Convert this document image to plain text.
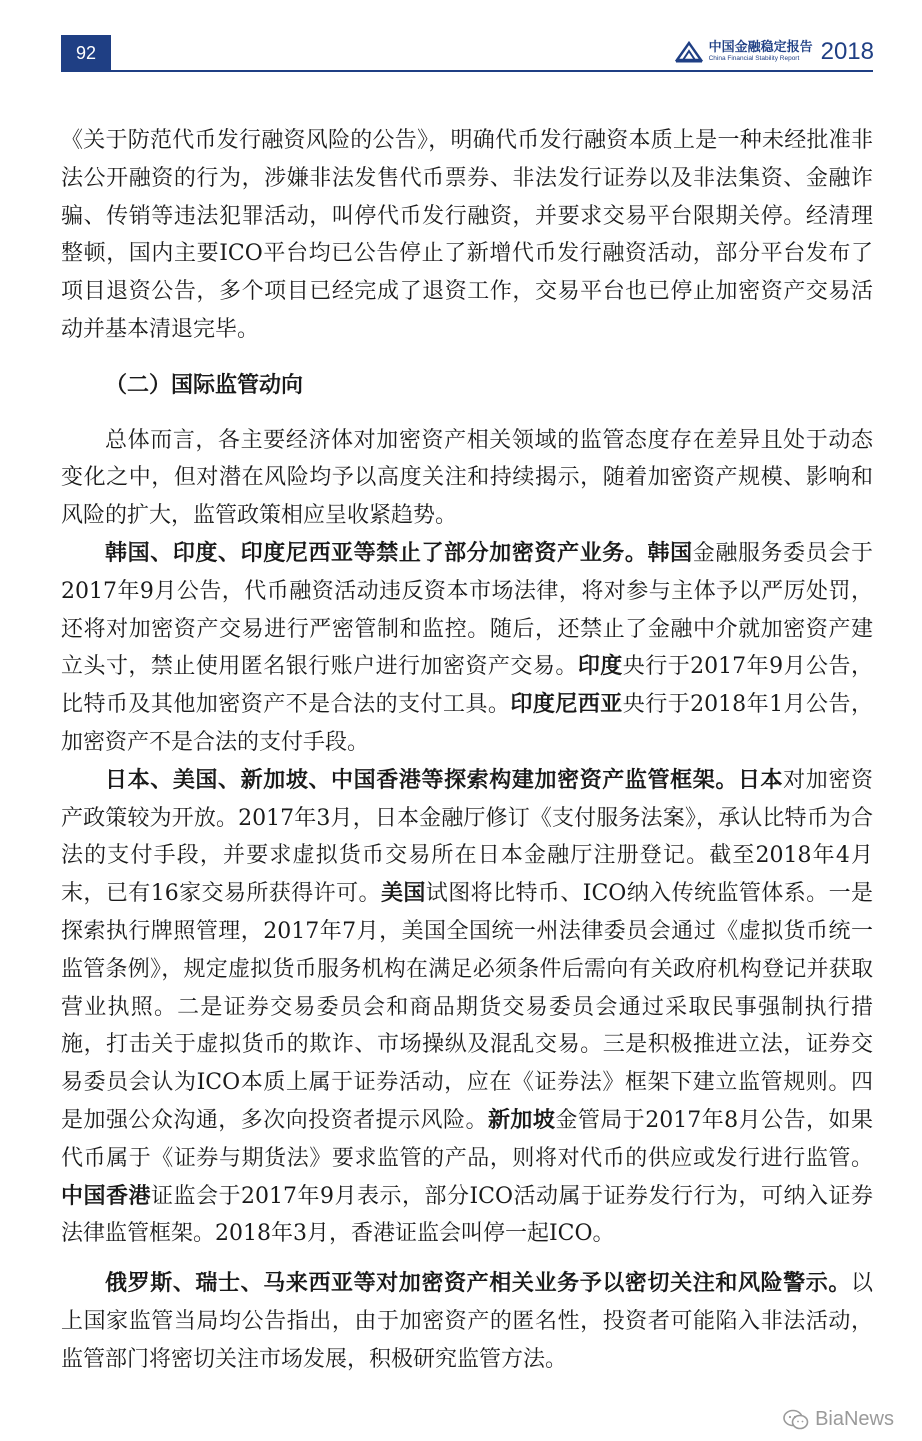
92	中国金融稳定报告
China Financial Stability Report 2018

《关于防范代币发行融资风险的公告》，明确代币发行融资本质上是一种未经批准非法公开融资的行为，涉嫌非法发售代币票券、非法发行证券以及非法集资、金融诈骗、传销等违法犯罪活动，叫停代币发行融资，并要求交易平台限期关停。经清理整顿，国内主要ICO平台均已公告停止了新增代币发行融资活动，部分平台发布了项目退资公告，多个项目已经完成了退资工作，交易平台也已停止加密资产交易活动并基本清退完毕。

（二）国际监管动向

总体而言，各主要经济体对加密资产相关领域的监管态度存在差异且处于动态变化之中，但对潜在风险均予以高度关注和持续揭示，随着加密资产规模、影响和风险的扩大，监管政策相应呈收紧趋势。

韩国、印度、印度尼西亚等禁止了部分加密资产业务。韩国金融服务委员会于2017年9月公告，代币融资活动违反资本市场法律，将对参与主体予以严厉处罚，还将对加密资产交易进行严密管制和监控。随后，还禁止了金融中介就加密资产建立头寸，禁止使用匿名银行账户进行加密资产交易。印度央行于2017年9月公告，比特币及其他加密资产不是合法的支付工具。印度尼西亚央行于2018年1月公告，加密资产不是合法的支付手段。

日本、美国、新加坡、中国香港等探索构建加密资产监管框架。日本对加密资产政策较为开放。2017年3月，日本金融厅修订《支付服务法案》，承认比特币为合法的支付手段，并要求虚拟货币交易所在日本金融厅注册登记。截至2018年4月末，已有16家交易所获得许可。美国试图将比特币、ICO纳入传统监管体系。一是探索执行牌照管理，2017年7月，美国全国统一州法律委员会通过《虚拟货币统一监管条例》，规定虚拟货币服务机构在满足必须条件后需向有关政府机构登记并获取营业执照。二是证券交易委员会和商品期货交易委员会通过采取民事强制执行措施，打击关于虚拟货币的欺诈、市场操纵及混乱交易。三是积极推进立法，证券交易委员会认为ICO本质上属于证券活动，应在《证券法》框架下建立监管规则。四是加强公众沟通，多次向投资者提示风险。新加坡金管局于2017年8月公告，如果代币属于《证券与期货法》要求监管的产品，则将对代币的供应或发行进行监管。中国香港证监会于2017年9月表示，部分ICO活动属于证券发行行为，可纳入证券法律监管框架。2018年3月，香港证监会叫停一起ICO。

俄罗斯、瑞士、马来西亚等对加密资产相关业务予以密切关注和风险警示。以上国家监管当局均公告指出，由于加密资产的匿名性，投资者可能陷入非法活动，监管部门将密切关注市场发展，积极研究监管方法。

BiaNews
